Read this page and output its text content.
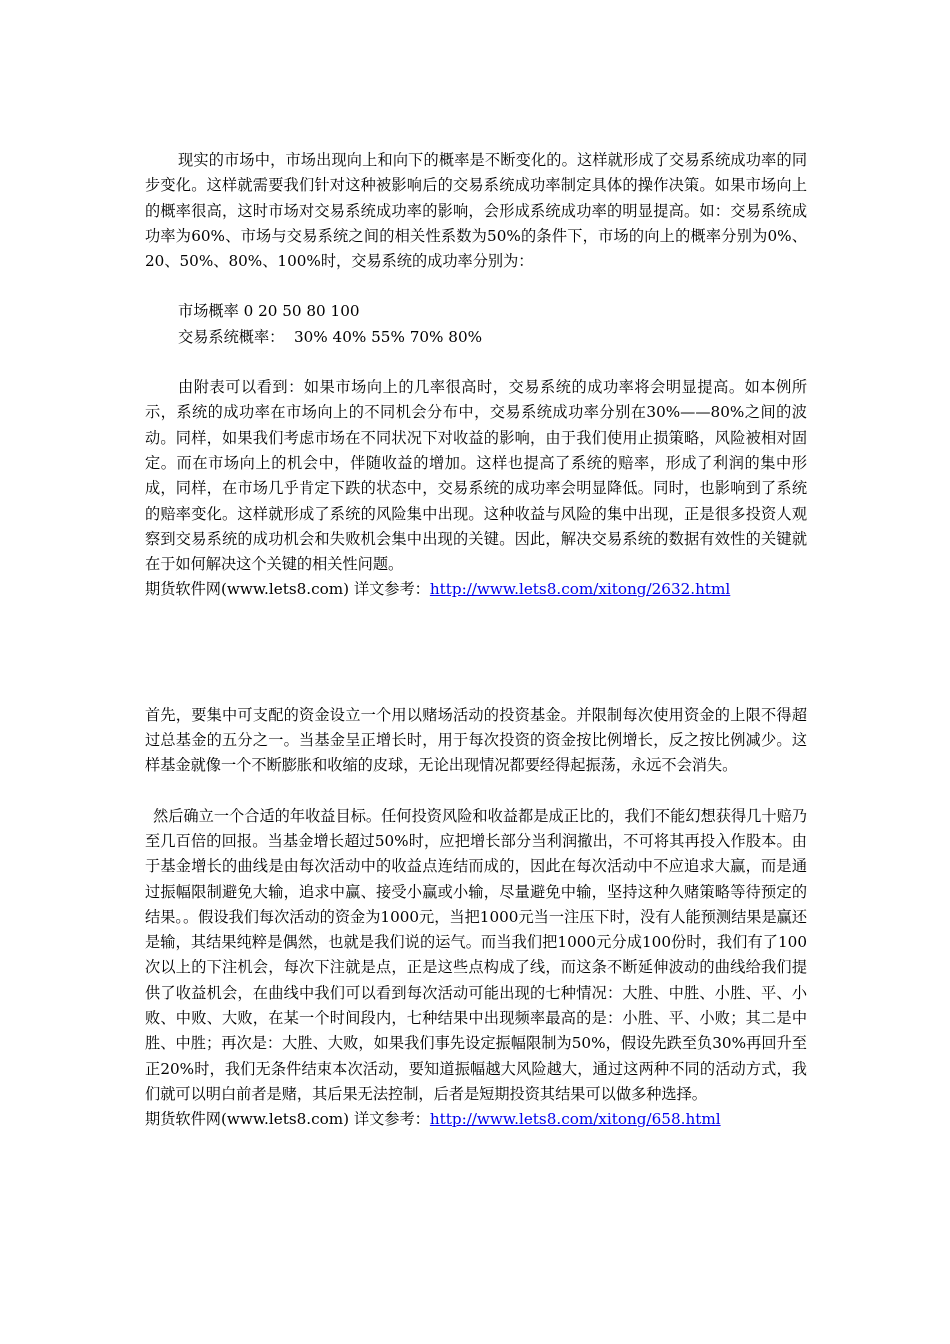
现实的市场中，市场出现向上和向下的概率是不断变化的。这样就形成了交易系统成功率的同步变化。这样就需要我们针对这种被影响后的交易系统成功率制定具体的操作决策。如果市场向上的概率很高，这时市场对交易系统成功率的影响，会形成系统成功率的明显提高。如：交易系统成功率为60%、市场与交易系统之间的相关性系数为50%的条件下，市场的向上的概率分别为0%、20、50%、80%、100%时，交易系统的成功率分别为：

市场概率 0 20 50 80 100

交易系统概率：  30% 40% 55% 70% 80%

由附表可以看到：如果市场向上的几率很高时，交易系统的成功率将会明显提高。如本例所示，系统的成功率在市场向上的不同机会分布中，交易系统成功率分别在30%——80%之间的波动。同样，如果我们考虑市场在不同状况下对收益的影响，由于我们使用止损策略，风险被相对固定。而在市场向上的机会中，伴随收益的增加。这样也提高了系统的赔率，形成了利润的集中形成，同样，在市场几乎肯定下跌的状态中，交易系统的成功率会明显降低。同时，也影响到了系统的赔率变化。这样就形成了系统的风险集中出现。这种收益与风险的集中出现，正是很多投资人观察到交易系统的成功机会和失败机会集中出现的关键。因此，解决交易系统的数据有效性的关键就在于如何解决这个关键的相关性问题。

期货软件网(www.lets8.com) 详文参考：http://www.lets8.com/xitong/2632.html

首先，要集中可支配的资金设立一个用以赌场活动的投资基金。并限制每次使用资金的上限不得超过总基金的五分之一。当基金呈正增长时，用于每次投资的资金按比例增长，反之按比例减少。这样基金就像一个不断膨胀和收缩的皮球，无论出现情况都要经得起振荡，永远不会消失。

然后确立一个合适的年收益目标。任何投资风险和收益都是成正比的，我们不能幻想获得几十赔乃至几百倍的回报。当基金增长超过50%时，应把增长部分当利润撤出，不可将其再投入作股本。由于基金增长的曲线是由每次活动中的收益点连结而成的，因此在每次活动中不应追求大赢，而是通过振幅限制避免大输，追求中赢、接受小赢或小输，尽量避免中输，坚持这种久赌策略等待预定的结果。。假设我们每次活动的资金为1000元，当把1000元当一注压下时，没有人能预测结果是赢还是输，其结果纯粹是偶然，也就是我们说的运气。而当我们把1000元分成100份时，我们有了100次以上的下注机会，每次下注就是点，正是这些点构成了线，而这条不断延伸波动的曲线给我们提供了收益机会，在曲线中我们可以看到每次活动可能出现的七种情况：大胜、中胜、小胜、平、小败、中败、大败，在某一个时间段内，七种结果中出现频率最高的是：小胜、平、小败；其二是中胜、中胜；再次是：大胜、大败，如果我们事先设定振幅限制为50%，假设先跌至负30%再回升至正20%时，我们无条件结束本次活动，要知道振幅越大风险越大，通过这两种不同的活动方式，我们就可以明白前者是赌，其后果无法控制，后者是短期投资其结果可以做多种选择。

期货软件网(www.lets8.com) 详文参考：http://www.lets8.com/xitong/658.html
